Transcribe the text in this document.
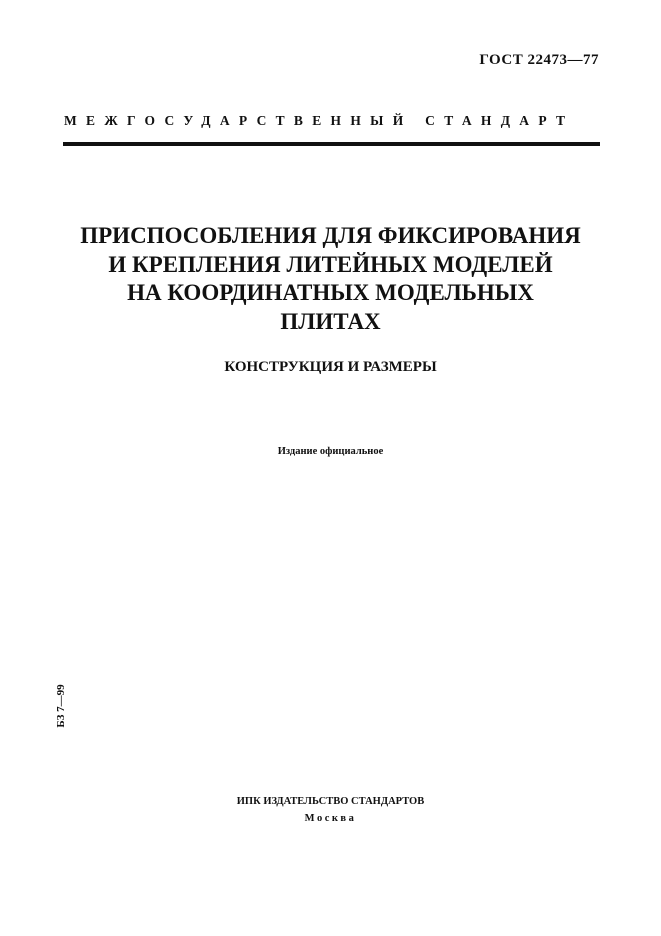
ГОСТ 22473—77
МЕЖГОСУДАРСТВЕННЫЙ СТАНДАРТ
ПРИСПОСОБЛЕНИЯ ДЛЯ ФИКСИРОВАНИЯ
И КРЕПЛЕНИЯ ЛИТЕЙНЫХ МОДЕЛЕЙ
НА КООРДИНАТНЫХ МОДЕЛЬНЫХ
ПЛИТАХ
КОНСТРУКЦИЯ И РАЗМЕРЫ
Издание официальное
БЗ 7—99
ИПК ИЗДАТЕЛЬСТВО СТАНДАРТОВ
Москва
